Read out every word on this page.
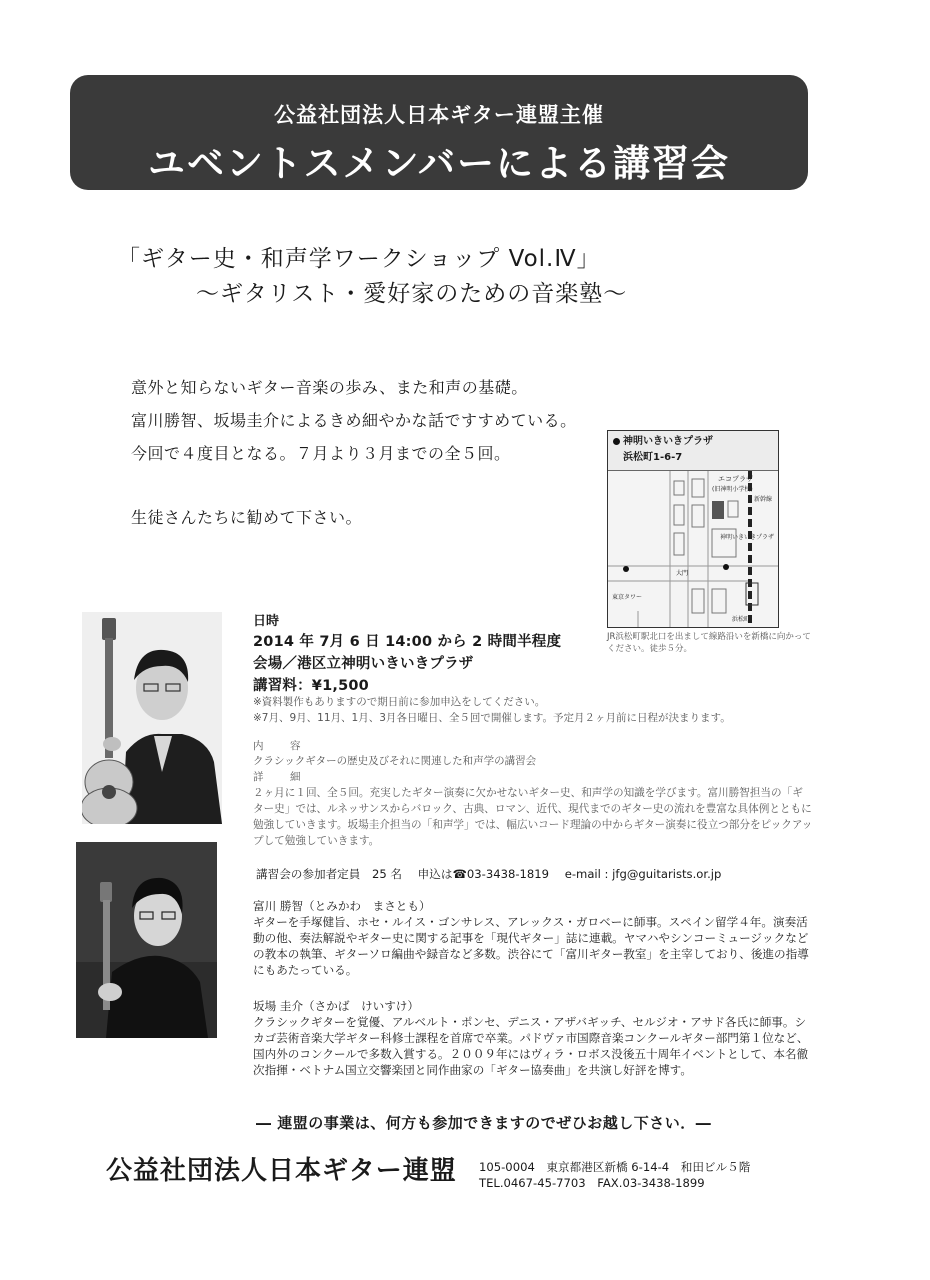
公益社団法人日本ギター連盟主催
ユベントスメンバーによる講習会
「ギター史・和声学ワークショップ Vol.Ⅳ」
〜ギタリスト・愛好家のための音楽塾〜
意外と知らないギター音楽の歩み、また和声の基礎。
富川勝智、坂場圭介によるきめ細やかな話ですすめている。
今回で４度目となる。７月より３月までの全５回。
生徒さんたちに勧めて下さい。
神明いきいきプラザ
浜松町1-6-7
エコプラザ
(旧神明小学校)
新幹線
神明いきいきプラザ
大門
浜松町
東京タワー
JR浜松町駅北口を出まして線路沿いを新橋に向かってください。徒歩５分。
日時
2014 年 7月 6 日 14:00 から 2 時間半程度
会場／港区立神明いきいきプラザ
講習料：¥1,500
※資料製作もありますので期日前に参加申込をしてください。
※7月、9月、11月、1月、3月各日曜日、全５回で開催します。予定月２ヶ月前に日程が決まります。
内　容
クラシックギターの歴史及びそれに関連した和声学の講習会
詳　細
２ヶ月に１回、全５回。充実したギター演奏に欠かせないギター史、和声学の知識を学びます。富川勝智担当の「ギター史」では、ルネッサンスからバロック、古典、ロマン、近代、現代までのギター史の流れを豊富な具体例とともに勉強していきます。坂場圭介担当の「和声学」では、幅広いコード理論の中からギター演奏に役立つ部分をピックアップして勉強していきます。
講習会の参加者定員　25 名 申込は☎03-3438-1819 e-mail : jfg@guitarists.or.jp
富川 勝智（とみかわ　まさとも）
ギターを手塚健旨、ホセ・ルイス・ゴンサレス、アレックス・ガロベーに師事。スペイン留学４年。演奏活動の他、奏法解説やギター史に関する記事を「現代ギター」誌に連載。ヤマハやシンコーミュージックなどの教本の執筆、ギターソロ編曲や録音など多数。渋谷にて「富川ギター教室」を主宰しており、後進の指導にもあたっている。
坂場 圭介（さかば　けいすけ）
クラシックギターを覚優、アルベルト・ポンセ、デニス・アザバギッチ、セルジオ・アサド各氏に師事。シカゴ芸術音楽大学ギター科修士課程を首席で卒業。パドヴァ市国際音楽コンクールギター部門第１位など、国内外のコンクールで多数入賞する。２００９年にはヴィラ・ロボス没後五十周年イベントとして、本名徹次指揮・ベトナム国立交響楽団と同作曲家の「ギター協奏曲」を共演し好評を博す。
― 連盟の事業は、何方も参加できますのでぜひお越し下さい．―
公益社団法人日本ギター連盟 105-0004　東京都港区新橋 6-14-4　和田ビル５階
TEL.0467-45-7703　FAX.03-3438-1899
